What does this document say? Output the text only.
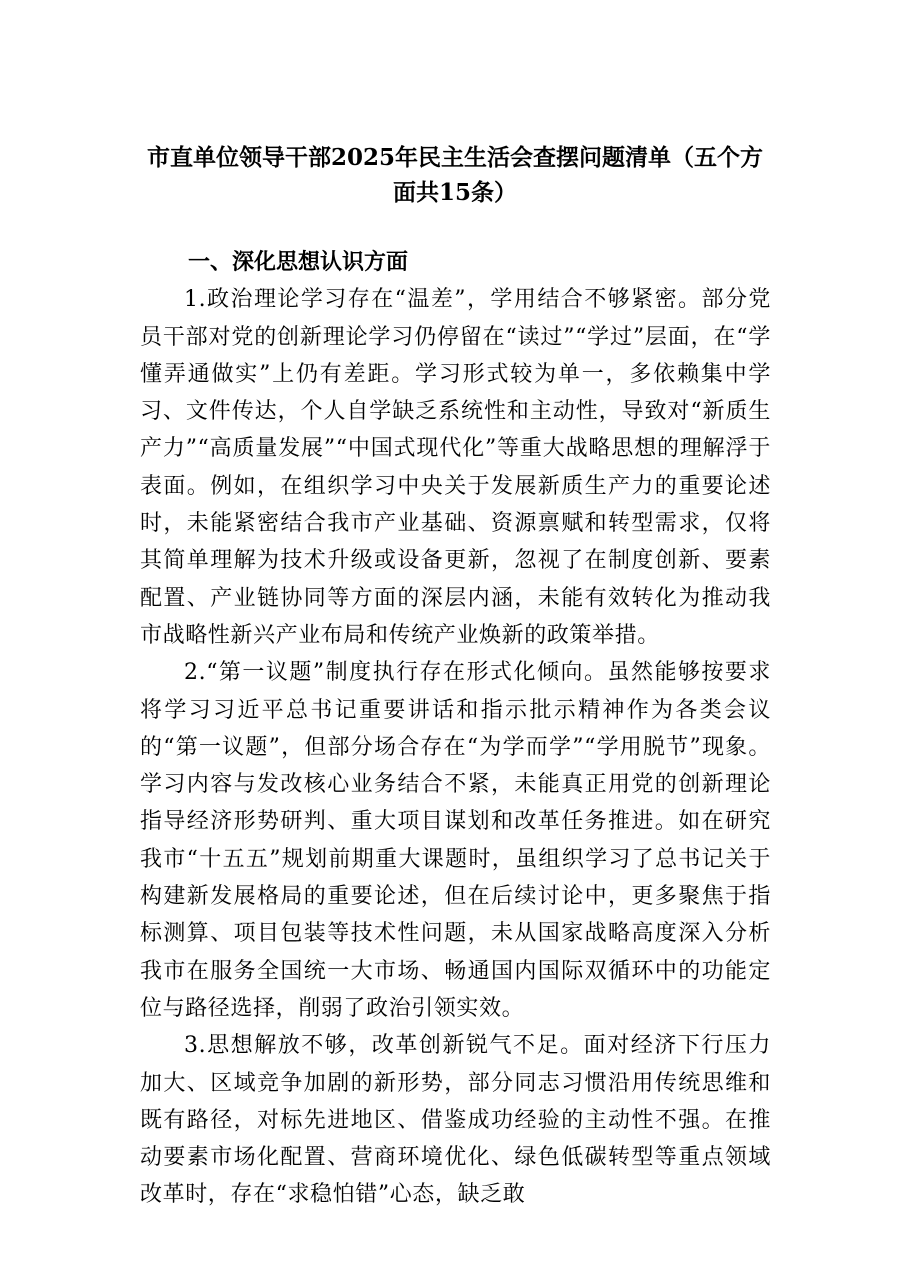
市直单位领导干部2025年民主生活会查摆问题清单（五个方面共15条）
一、深化思想认识方面

1.政治理论学习存在“温差”，学用结合不够紧密。部分党员干部对党的创新理论学习仍停留在“读过”“学过”层面，在“学懂弄通做实”上仍有差距。学习形式较为单一，多依赖集中学习、文件传达，个人自学缺乏系统性和主动性，导致对“新质生产力”“高质量发展”“中国式现代化”等重大战略思想的理解浮于表面。例如，在组织学习中央关于发展新质生产力的重要论述时，未能紧密结合我市产业基础、资源禀赋和转型需求，仅将其简单理解为技术升级或设备更新，忽视了在制度创新、要素配置、产业链协同等方面的深层内涵，未能有效转化为推动我市战略性新兴产业布局和传统产业焕新的政策举措。

2.“第一议题”制度执行存在形式化倾向。虽然能够按要求将学习习近平总书记重要讲话和指示批示精神作为各类会议的“第一议题”，但部分场合存在“为学而学”“学用脱节”现象。学习内容与发改核心业务结合不紧，未能真正用党的创新理论指导经济形势研判、重大项目谋划和改革任务推进。如在研究我市“十五五”规划前期重大课题时，虽组织学习了总书记关于构建新发展格局的重要论述，但在后续讨论中，更多聚焦于指标测算、项目包装等技术性问题，未从国家战略高度深入分析我市在服务全国统一大市场、畅通国内国际双循环中的功能定位与路径选择，削弱了政治引领实效。

3.思想解放不够，改革创新锐气不足。面对经济下行压力加大、区域竞争加剧的新形势，部分同志习惯沿用传统思维和既有路径，对标先进地区、借鉴成功经验的主动性不强。在推动要素市场化配置、营商环境优化、绿色低碳转型等重点领域改革时，存在“求稳怕错”心态，缺乏敢
